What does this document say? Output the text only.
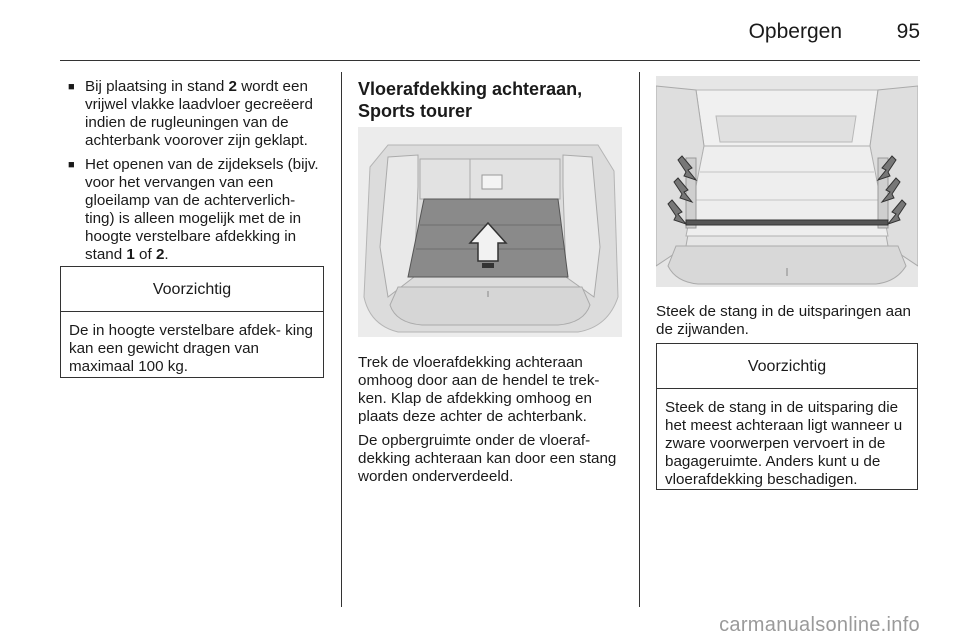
Opbergen	95
■ Bij plaatsing in stand 2 wordt een vrijwel vlakke laadvloer gecreëerd indien de rugleuningen van de achterbank voorover zijn geklapt.
■ Het openen van de zijdeksels (bijv. voor het vervangen van een gloeilamp van de achterverlich- ting) is alleen mogelijk met de in hoogte verstelbare afdekking in stand 1 of 2.
Voorzichtig
De in hoogte verstelbare afdek- king kan een gewicht dragen van maximaal 100 kg.
Vloerafdekking achteraan, Sports tourer

Trek de vloerafdekking achteraan omhoog door aan de hendel te trek- ken. Klap de afdekking omhoog en plaats deze achter de achterbank.

De opbergruimte onder de vloeraf- dekking achteraan kan door een stang worden onderverdeeld.

Steek de stang in de uitsparingen aan de zijwanden.

Voorzichtig
Steek de stang in de uitsparing die het meest achteraan ligt wanneer u zware voorwerpen vervoert in de bagageruimte. Anders kunt u de vloerafdekking beschadigen.
carmanualsonline.info
